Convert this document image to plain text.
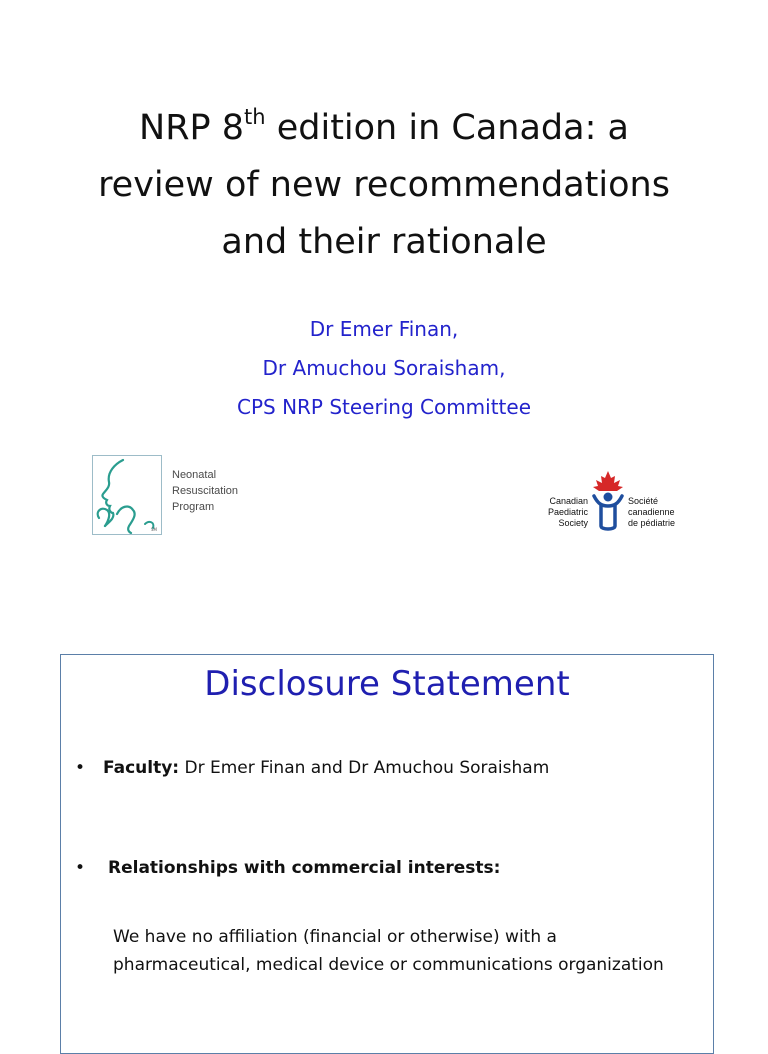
NRP 8th edition in Canada: a
review of new recommendations
and their rationale
Dr Emer Finan,
Dr Amuchou Soraisham,
CPS NRP Steering Committee
SM
Neonatal
Resuscitation
Program	Canadian
Paediatric
Society
Société
canadienne
de pédiatrie
Disclosure Statement
• Faculty: Dr Emer Finan and Dr Amuchou Soraisham
• Relationships with commercial interests:
We have no affiliation (financial or otherwise) with a pharmaceutical, medical device or communications organization
